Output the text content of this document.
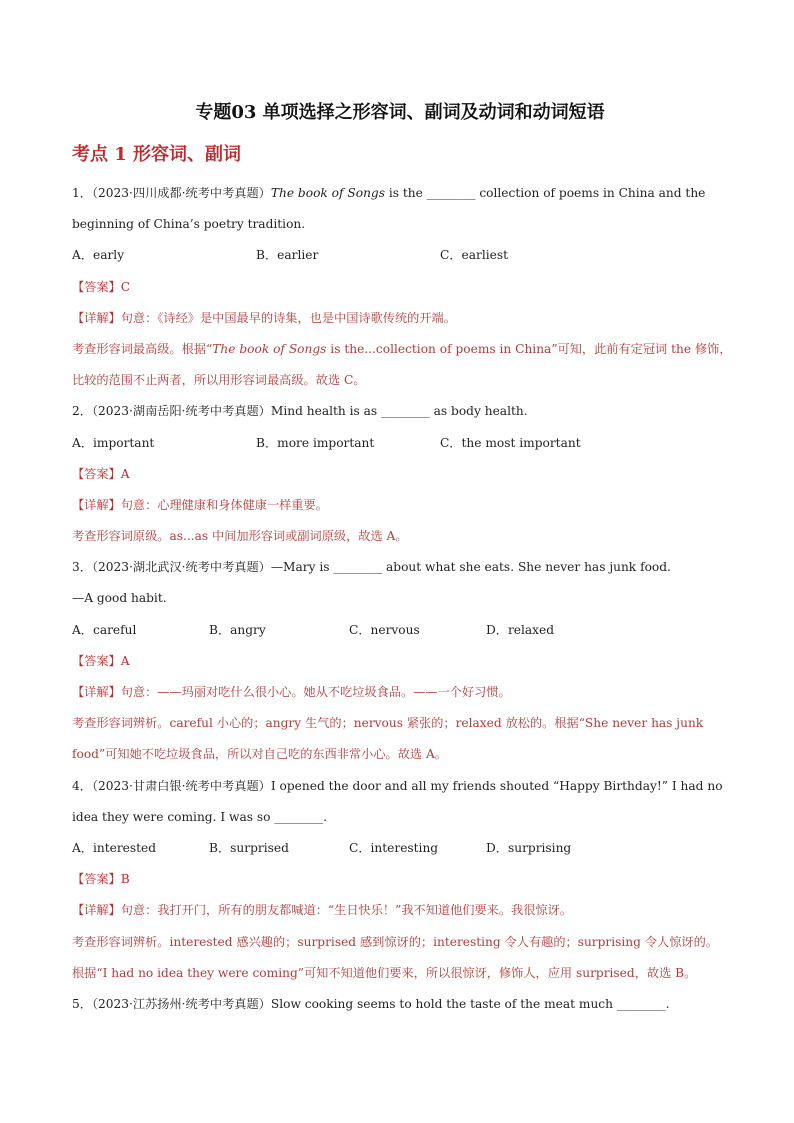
专题03 单项选择之形容词、副词及动词和动词短语
考点 1 形容词、副词
1．（2023·四川成都·统考中考真题）The book of Songs is the ________ collection of poems in China and the
beginning of China’s poetry tradition.
A．early	B．earlier	C．earliest
【答案】C
【详解】句意：《诗经》是中国最早的诗集，也是中国诗歌传统的开端。
考查形容词最高级。根据“The book of Songs is the...collection of poems in China”可知，此前有定冠词 the 修饰，
比较的范围不止两者，所以用形容词最高级。故选 C。
2．（2023·湖南岳阳·统考中考真题）Mind health is as ________ as body health.
A．important	B．more important	C．the most important
【答案】A
【详解】句意：心理健康和身体健康一样重要。
考查形容词原级。as...as 中间加形容词或副词原级，故选 A。
3．（2023·湖北武汉·统考中考真题）—Mary is ________ about what she eats. She never has junk food.
—A good habit.
A．careful	B．angry	C．nervous	D．relaxed
【答案】A
【详解】句意：——玛丽对吃什么很小心。她从不吃垃圾食品。——一个好习惯。
考查形容词辨析。careful 小心的；angry 生气的；nervous 紧张的；relaxed 放松的。根据“She never has junk
food”可知她不吃垃圾食品，所以对自己吃的东西非常小心。故选 A。
4．（2023·甘肃白银·统考中考真题）I opened the door and all my friends shouted “Happy Birthday!” I had no
idea they were coming. I was so ________.
A．interested	B．surprised	C．interesting	D．surprising
【答案】B
【详解】句意：我打开门，所有的朋友都喊道：“生日快乐！”我不知道他们要来。我很惊讶。
考查形容词辨析。interested 感兴趣的；surprised 感到惊讶的；interesting 令人有趣的；surprising 令人惊讶的。
根据“I had no idea they were coming”可知不知道他们要来，所以很惊讶，修饰人，应用 surprised，故选 B。
5．（2023·江苏扬州·统考中考真题）Slow cooking seems to hold the taste of the meat much ________.
